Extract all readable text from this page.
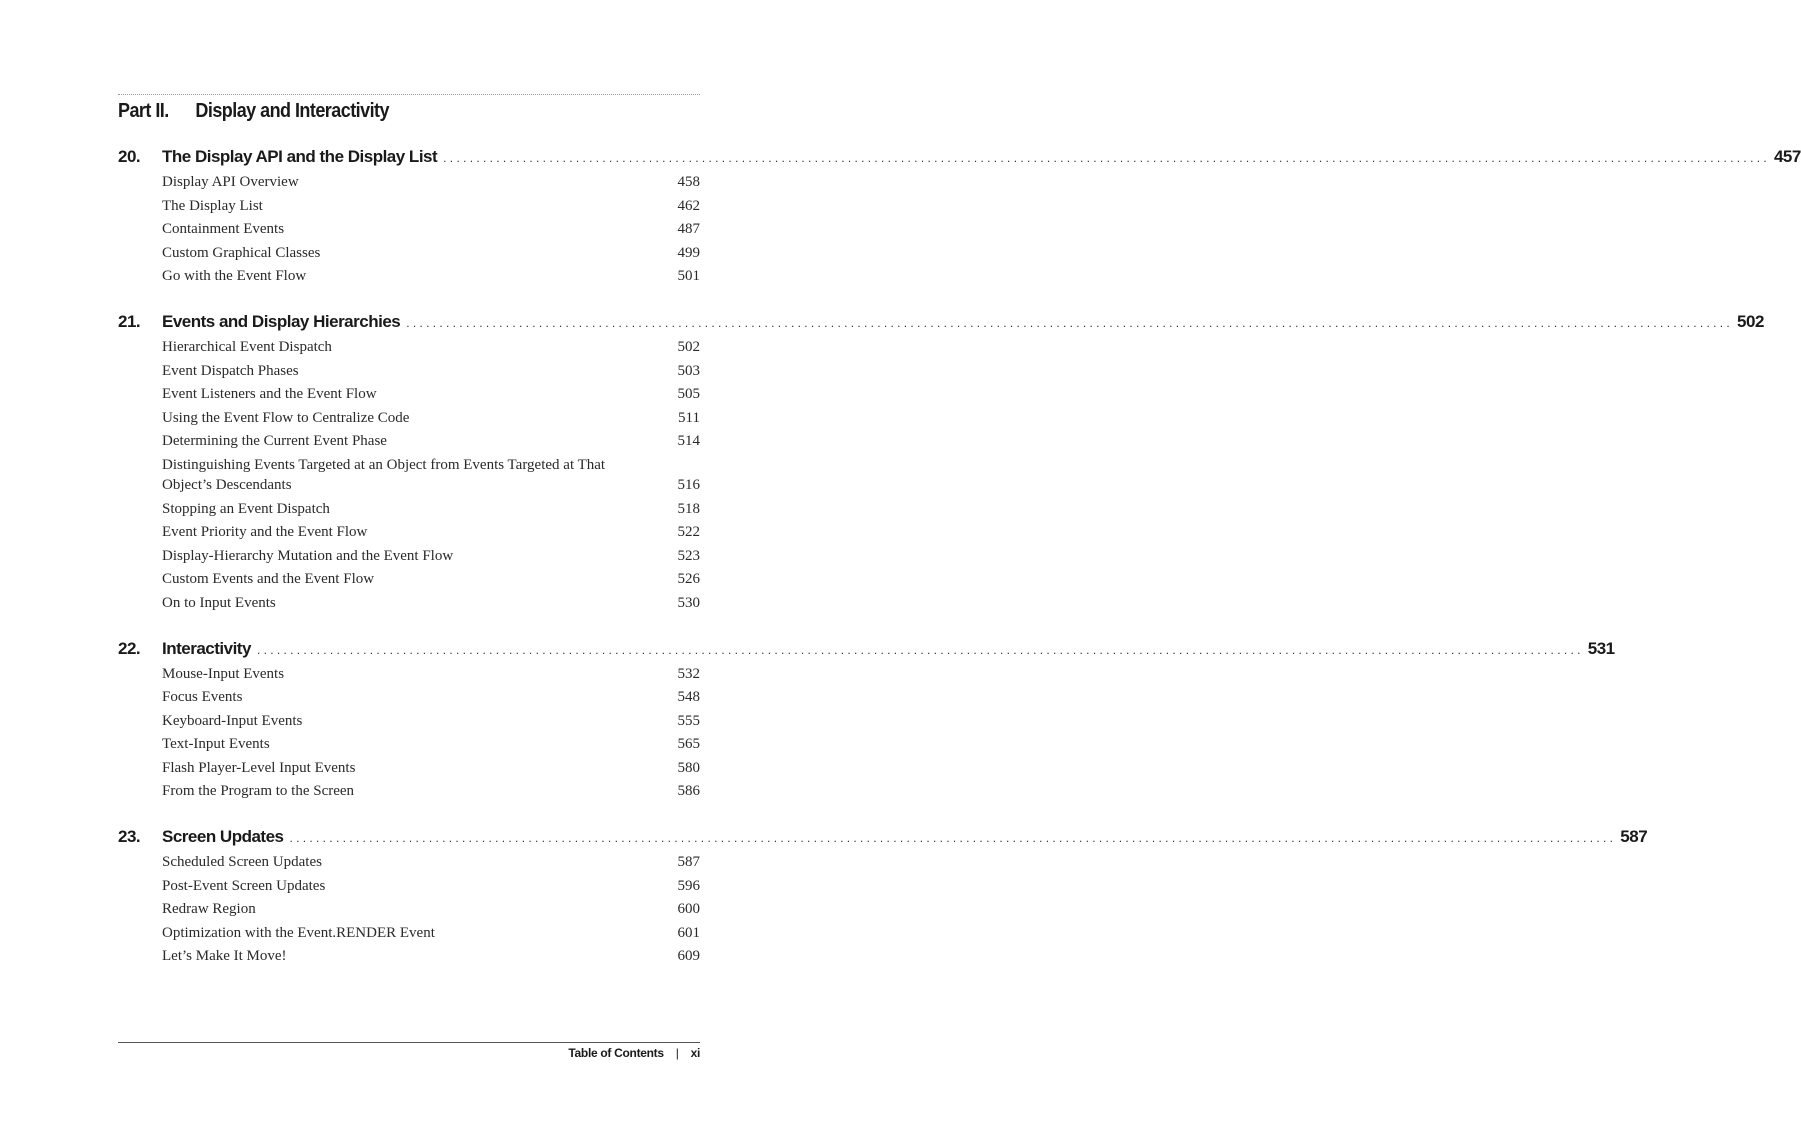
Part II. Display and Interactivity
20.	The Display API and the Display List ........................................................................................................................................................................................................ 457
Display API Overview	458
The Display List	462
Containment Events	487
Custom Graphical Classes	499
Go with the Event Flow	501
21.	Events and Display Hierarchies ........................................................................................................................................................................................................ 502
Hierarchical Event Dispatch	502
Event Dispatch Phases	503
Event Listeners and the Event Flow	505
Using the Event Flow to Centralize Code	511
Determining the Current Event Phase	514
Distinguishing Events Targeted at an Object from Events Targeted at That Object’s Descendants	516
Stopping an Event Dispatch	518
Event Priority and the Event Flow	522
Display-Hierarchy Mutation and the Event Flow	523
Custom Events and the Event Flow	526
On to Input Events	530
22.	Interactivity ........................................................................................................................................................................................................ 531
Mouse-Input Events	532
Focus Events	548
Keyboard-Input Events	555
Text-Input Events	565
Flash Player-Level Input Events	580
From the Program to the Screen	586
23.	Screen Updates ........................................................................................................................................................................................................ 587
Scheduled Screen Updates	587
Post-Event Screen Updates	596
Redraw Region	600
Optimization with the Event.RENDER Event	601
Let’s Make It Move!	609
Table of Contents | xi
